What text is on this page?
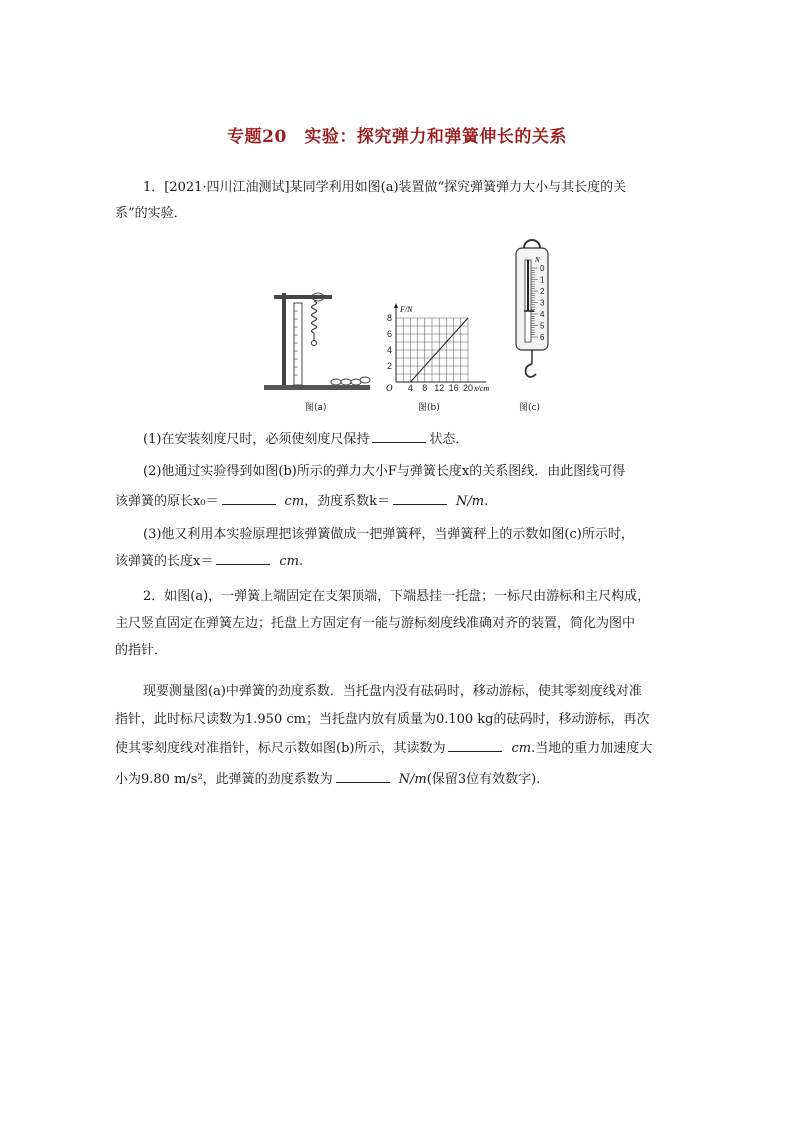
专题20　实验：探究弹力和弹簧伸长的关系
1．[2021·四川江油测试]某同学利用如图(a)装置做“探究弹簧弹力大小与其长度的关
系”的实验．
图(a)
4 8 12 16 20
2
4
6
8
F/N
x/cm
O
图(b)
N
0
1
2
3
4
5
6
图(c)
(1)在安装刻度尺时，必须使刻度尺保持	状态．
(2)他通过实验得到如图(b)所示的弹力大小F与弹簧长度x的关系图线．由此图线可得
该弹簧的原长x₀＝	cm，劲度系数k＝	N/m.
(3)他又利用本实验原理把该弹簧做成一把弹簧秤，当弹簧秤上的示数如图(c)所示时，
该弹簧的长度x＝	cm.
2．如图(a)，一弹簧上端固定在支架顶端，下端悬挂一托盘；一标尺由游标和主尺构成，
主尺竖直固定在弹簧左边；托盘上方固定有一能与游标刻度线准确对齐的装置，简化为图中
的指针．
现要测量图(a)中弹簧的劲度系数．当托盘内没有砝码时，移动游标，使其零刻度线对准
指针，此时标尺读数为1.950 cm；当托盘内放有质量为0.100 kg的砝码时，移动游标，再次
使其零刻度线对准指针，标尺示数如图(b)所示，其读数为	cm.当地的重力加速度大
小为9.80 m/s²，此弹簧的劲度系数为	N/m(保留3位有效数字).
